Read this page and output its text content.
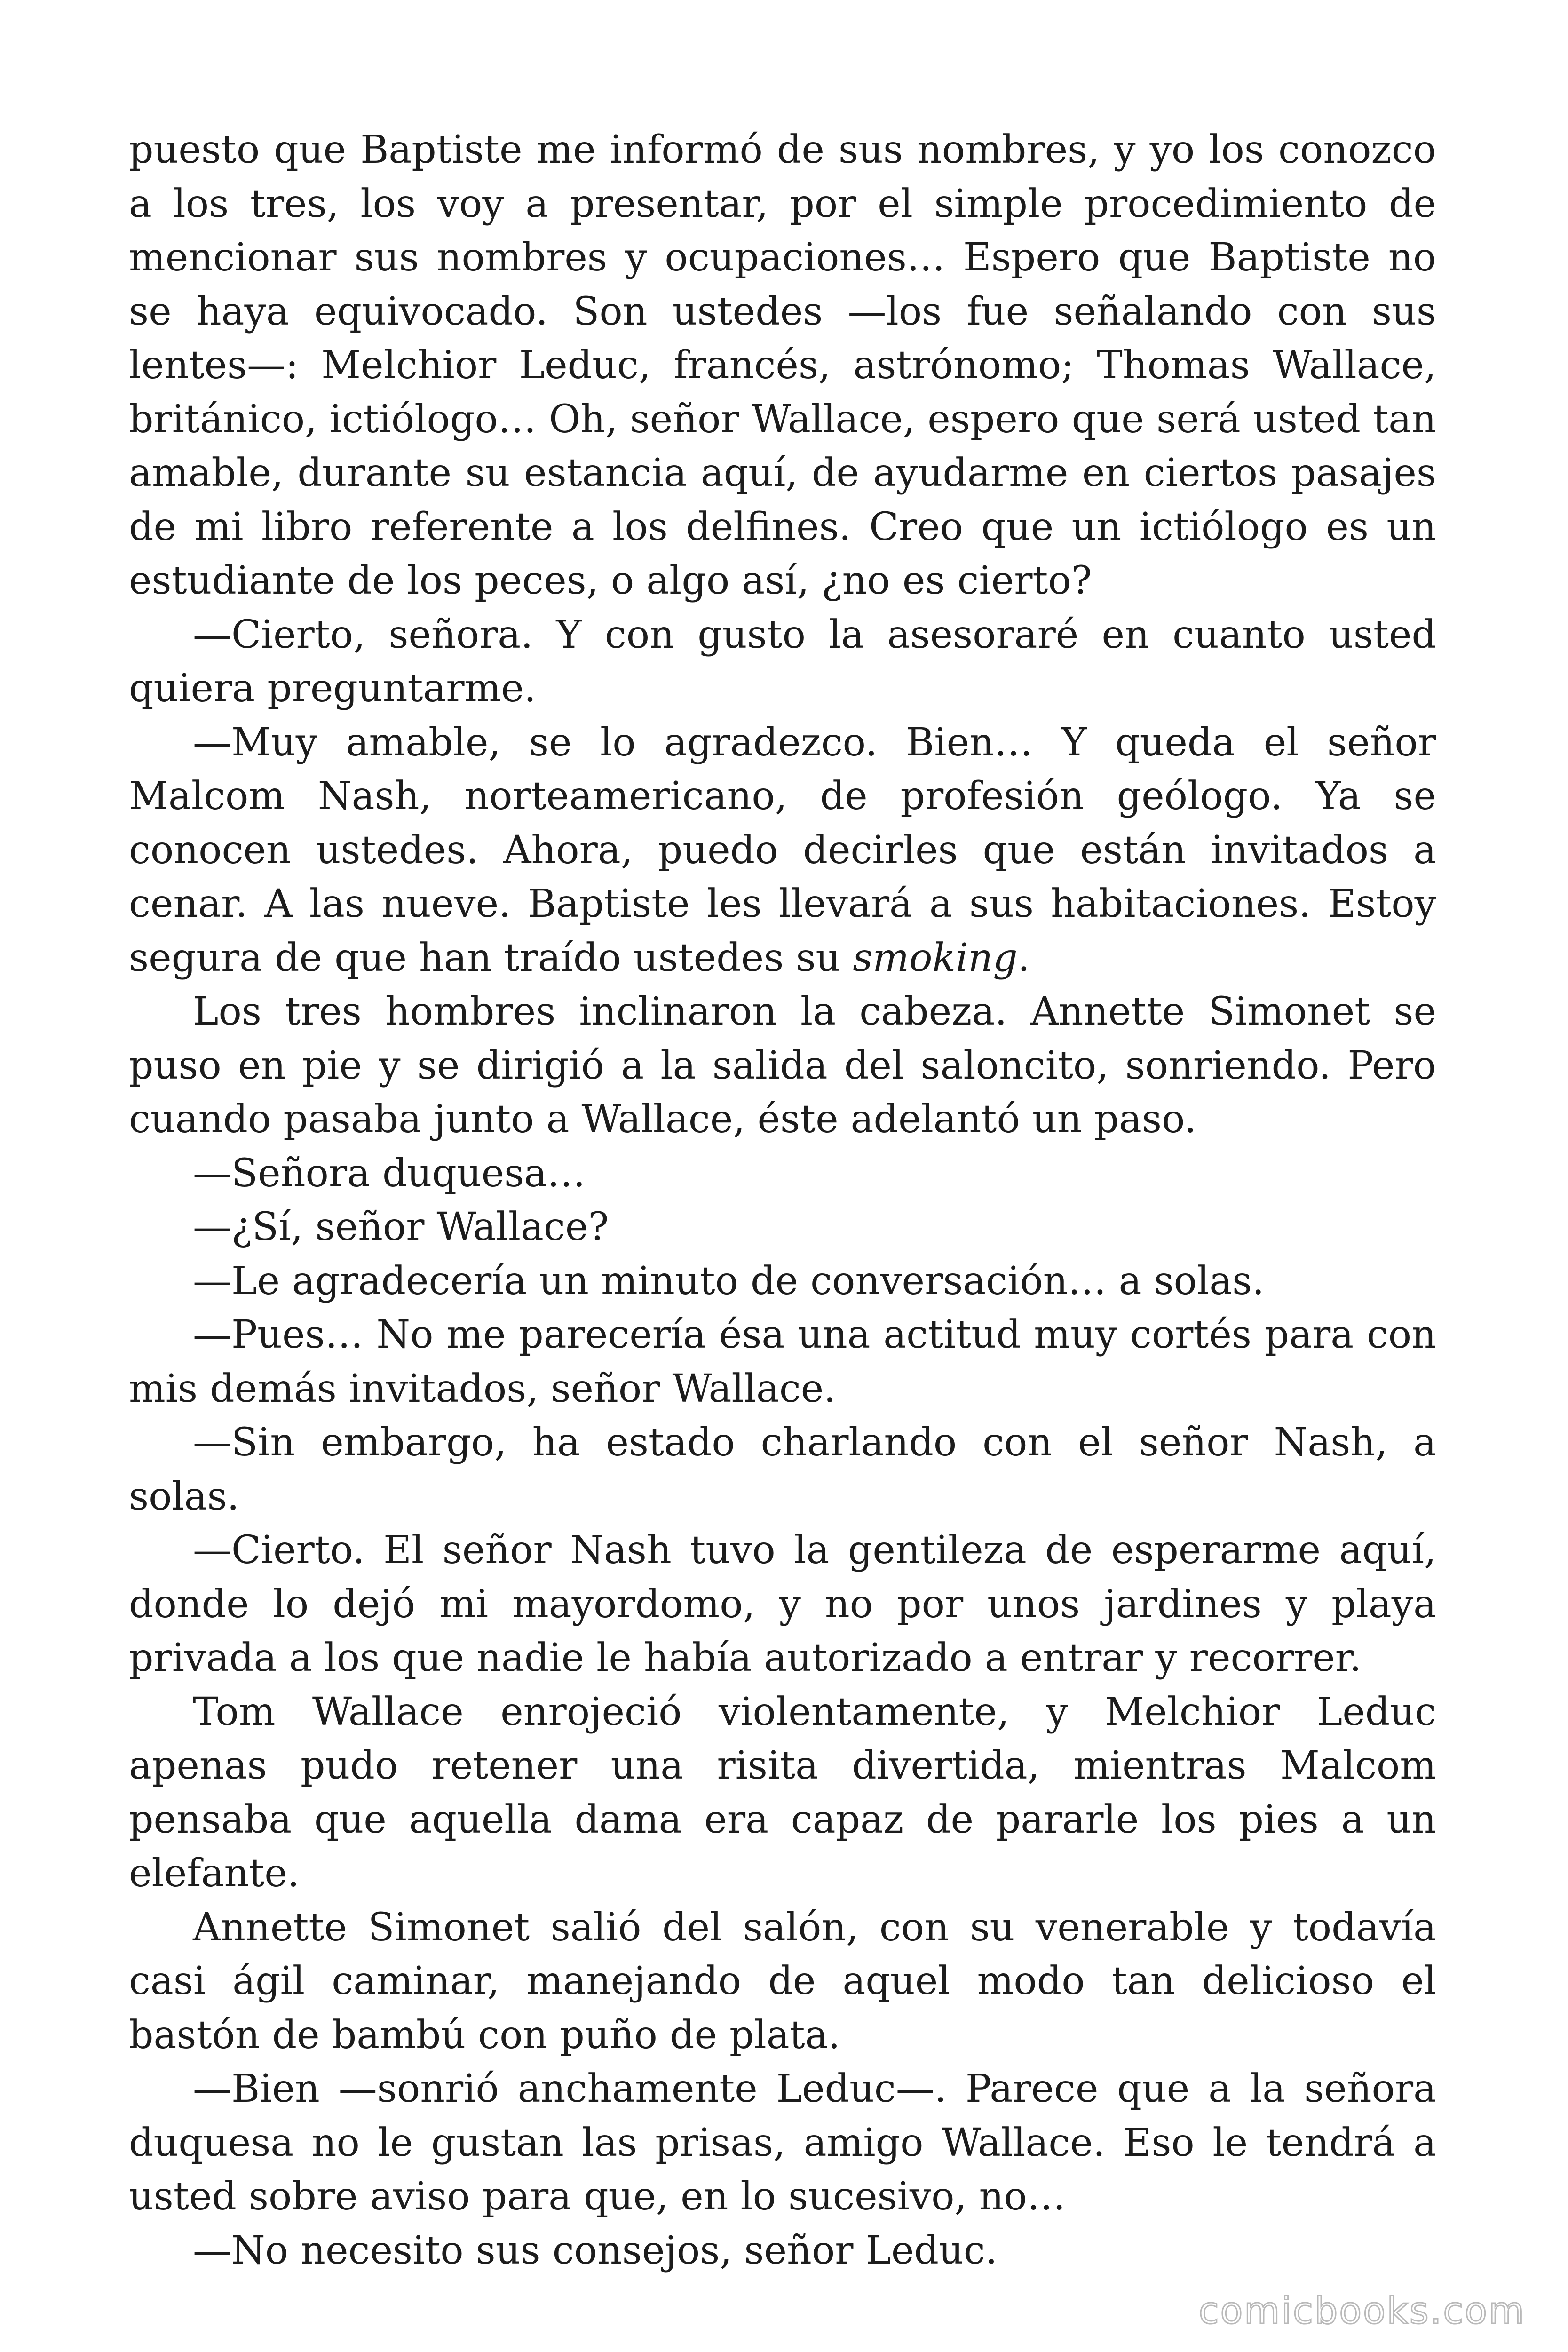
puesto que Baptiste me informó de sus nombres, y yo los conozco a los tres, los voy a presentar, por el simple procedimiento de mencionar sus nombres y ocupaciones… Espero que Baptiste no se haya equivocado. Son ustedes —los fue señalando con sus lentes—: Melchior Leduc, francés, astrónomo; Thomas Wallace, británico, ictiólogo… Oh, señor Wallace, espero que será usted tan amable, durante su estancia aquí, de ayudarme en ciertos pasajes de mi libro referente a los delfines. Creo que un ictiólogo es un estudiante de los peces, o algo así, ¿no es cierto?

—Cierto, señora. Y con gusto la asesoraré en cuanto usted quiera preguntarme.

—Muy amable, se lo agradezco. Bien… Y queda el señor Malcom Nash, norteamericano, de profesión geólogo. Ya se conocen ustedes. Ahora, puedo decirles que están invitados a cenar. A las nueve. Baptiste les llevará a sus habitaciones. Estoy segura de que han traído ustedes su smoking.

Los tres hombres inclinaron la cabeza. Annette Simonet se puso en pie y se dirigió a la salida del saloncito, sonriendo. Pero cuando pasaba junto a Wallace, éste adelantó un paso.

—Señora duquesa…

—¿Sí, señor Wallace?

—Le agradecería un minuto de conversación… a solas.

—Pues… No me parecería ésa una actitud muy cortés para con mis demás invitados, señor Wallace.

—Sin embargo, ha estado charlando con el señor Nash, a solas.

—Cierto. El señor Nash tuvo la gentileza de esperarme aquí, donde lo dejó mi mayordomo, y no por unos jardines y playa privada a los que nadie le había autorizado a entrar y recorrer.

Tom Wallace enrojeció violentamente, y Melchior Leduc apenas pudo retener una risita divertida, mientras Malcom pensaba que aquella dama era capaz de pararle los pies a un elefante.

Annette Simonet salió del salón, con su venerable y todavía casi ágil caminar, manejando de aquel modo tan delicioso el bastón de bambú con puño de plata.

—Bien —sonrió anchamente Leduc—. Parece que a la señora duquesa no le gustan las prisas, amigo Wallace. Eso le tendrá a usted sobre aviso para que, en lo sucesivo, no…

—No necesito sus consejos, señor Leduc.

comicbooks.com
